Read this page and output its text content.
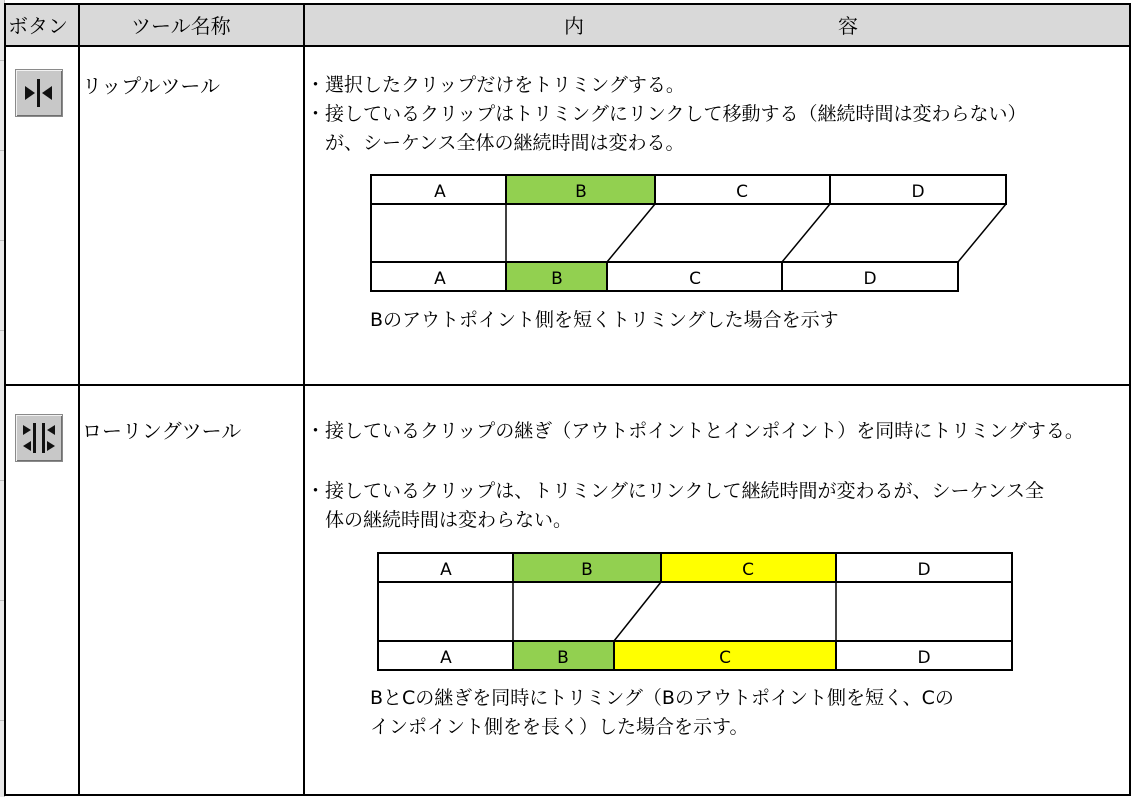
ボタン	ツール名称	内	容
リップルツール	・選択したクリップだけをトリミングする。
・接しているクリップはトリミングにリンクして移動する（継続時間は変わらない）
　が、シーケンス全体の継続時間は変わる。
A	B	C	D
A	B	C	D
A	B	C	D
A	B	C	D
Bのアウトポイント側を短くトリミングした場合を示す
ローリングツール	・接しているクリップの継ぎ（アウトポイントとインポイント）を同時にトリミングする。
・接しているクリップは、トリミングにリンクして継続時間が変わるが、シーケンス全
　体の継続時間は変わらない。
BとCの継ぎを同時にトリミング（Bのアウトポイント側を短く、Cの
インポイント側をを長く）した場合を示す。
